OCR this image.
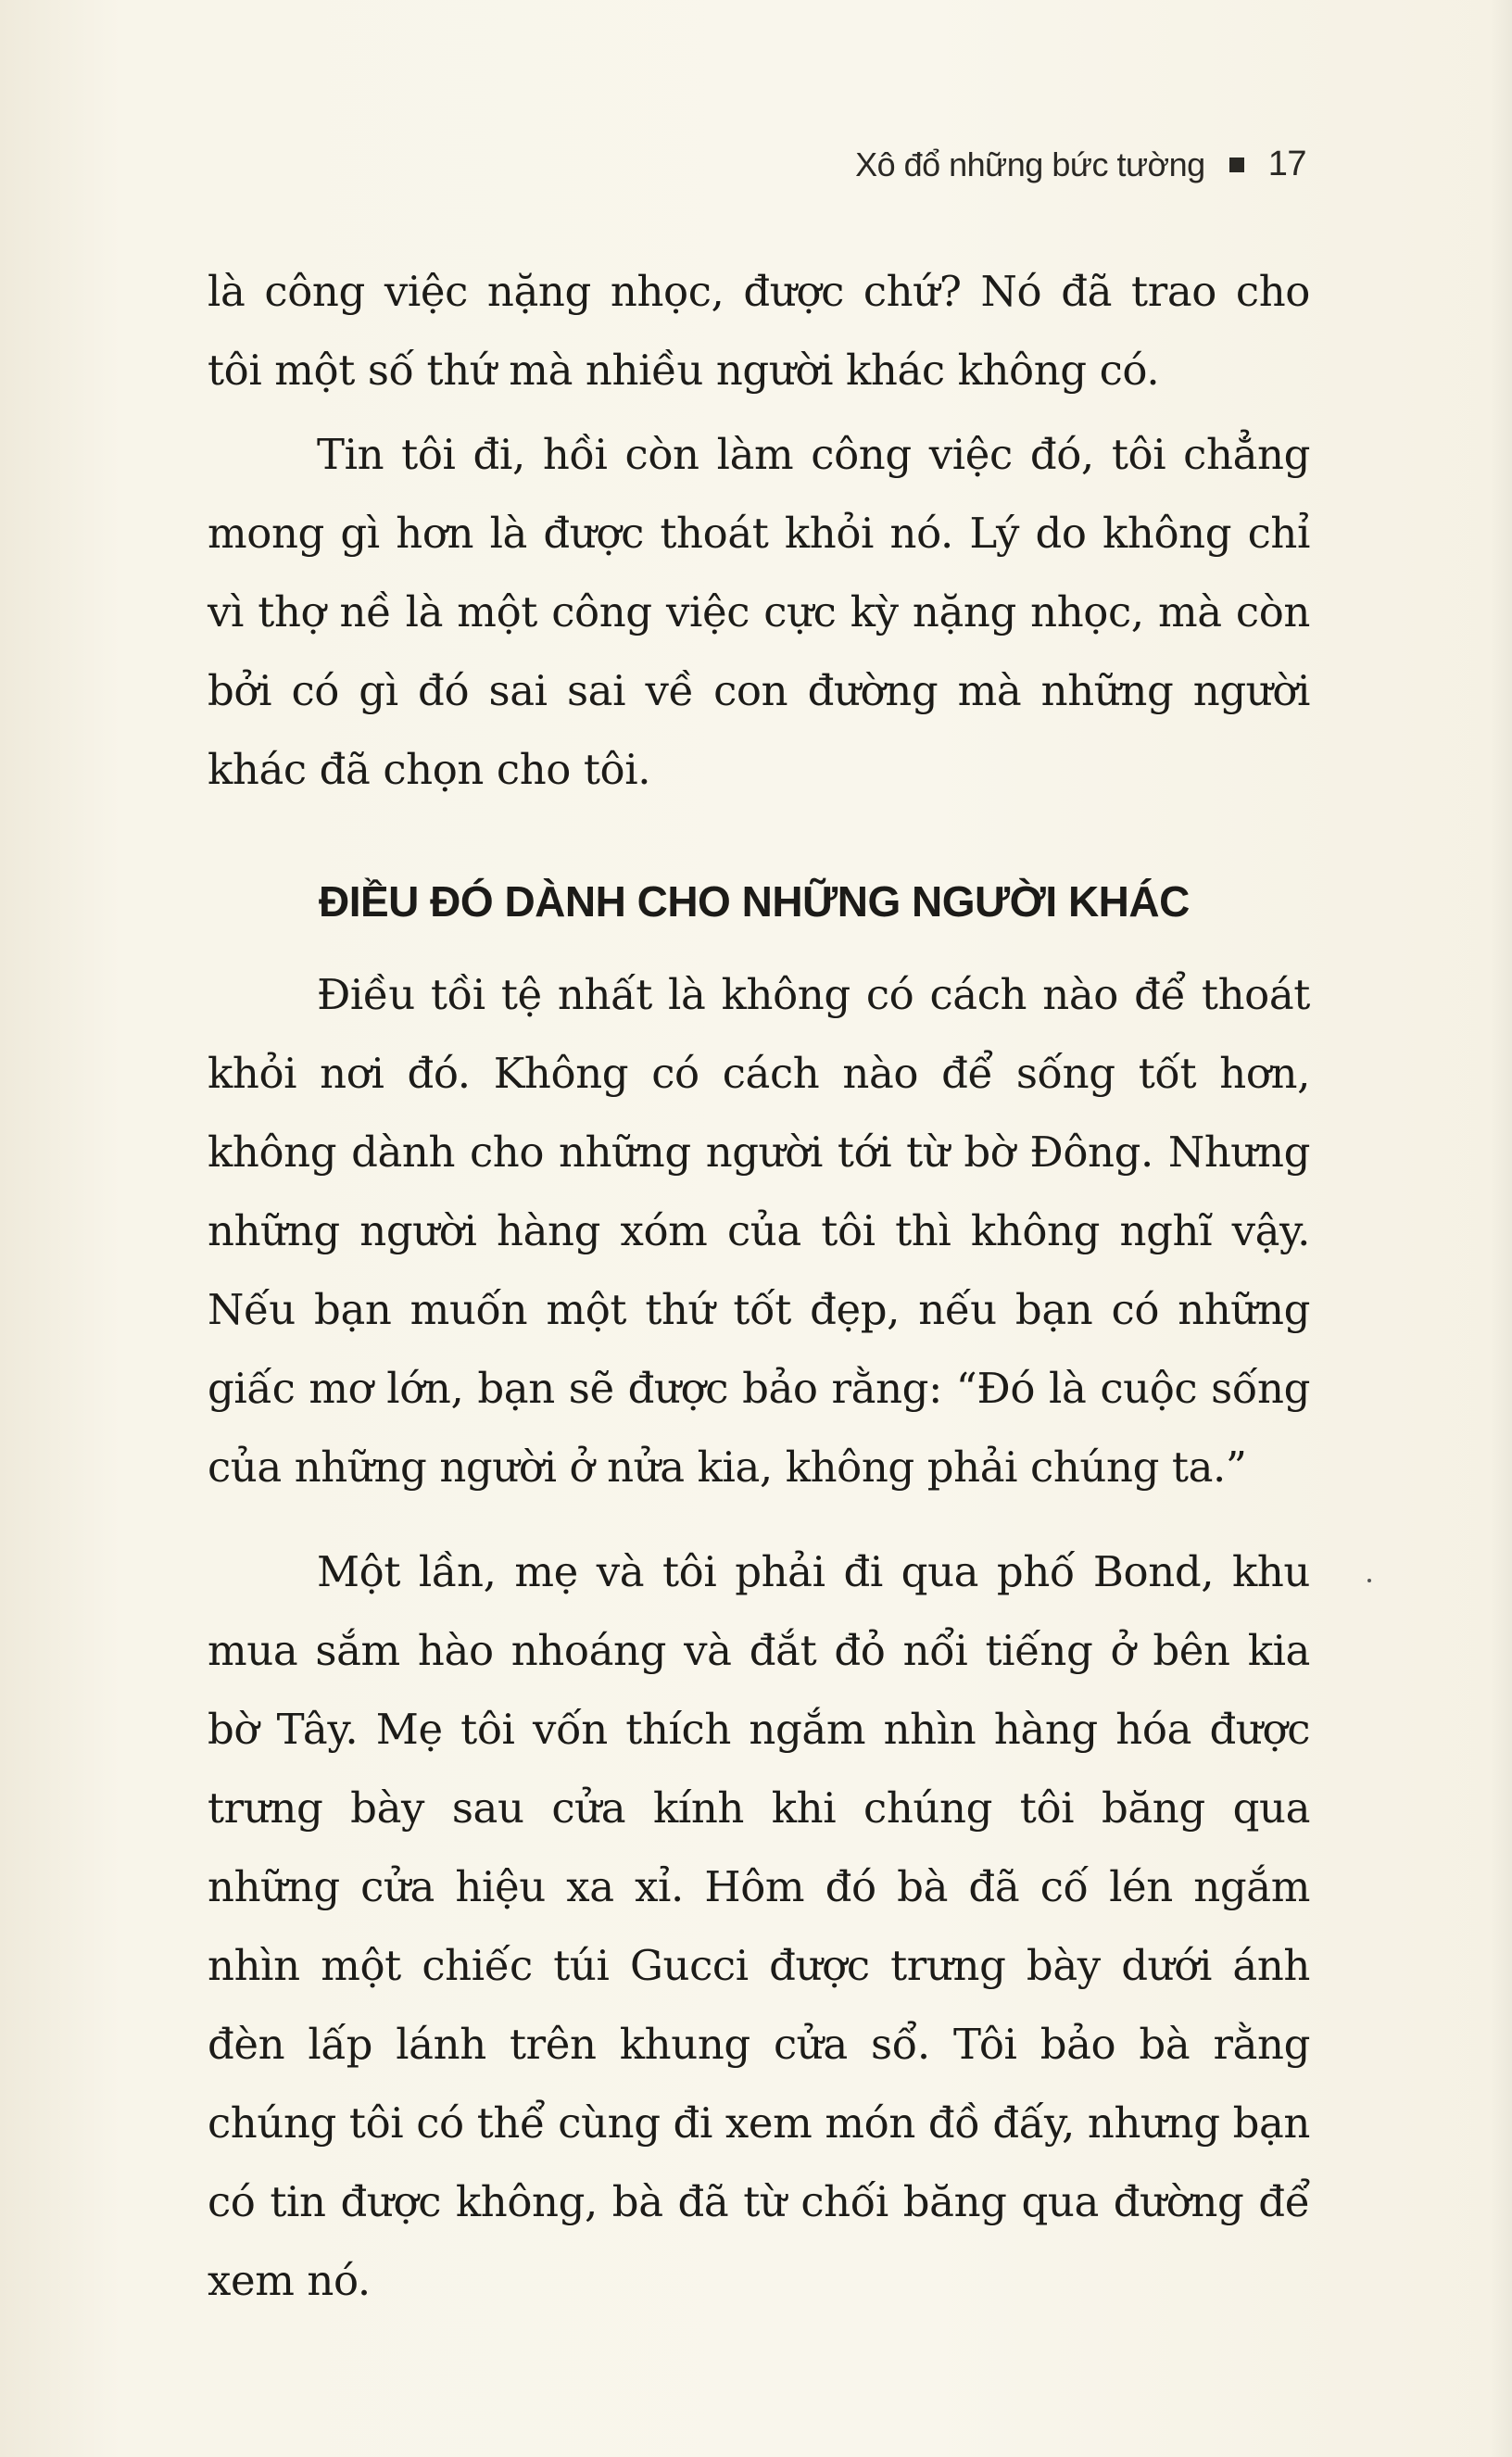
Xô đổ những bức tường 17

là công việc nặng nhọc, được chứ? Nó đã trao cho tôi một số thứ mà nhiều người khác không có.

Tin tôi đi, hồi còn làm công việc đó, tôi chẳng mong gì hơn là được thoát khỏi nó. Lý do không chỉ vì thợ nề là một công việc cực kỳ nặng nhọc, mà còn bởi có gì đó sai sai về con đường mà những người khác đã chọn cho tôi.

ĐIỀU ĐÓ DÀNH CHO NHỮNG NGƯỜI KHÁC

Điều tồi tệ nhất là không có cách nào để thoát khỏi nơi đó. Không có cách nào để sống tốt hơn, không dành cho những người tới từ bờ Đông. Nhưng những người hàng xóm của tôi thì không nghĩ vậy. Nếu bạn muốn một thứ tốt đẹp, nếu bạn có những giấc mơ lớn, bạn sẽ được bảo rằng: “Đó là cuộc sống của những người ở nửa kia, không phải chúng ta.”

Một lần, mẹ và tôi phải đi qua phố Bond, khu mua sắm hào nhoáng và đắt đỏ nổi tiếng ở bên kia bờ Tây. Mẹ tôi vốn thích ngắm nhìn hàng hóa được trưng bày sau cửa kính khi chúng tôi băng qua những cửa hiệu xa xỉ. Hôm đó bà đã cố lén ngắm nhìn một chiếc túi Gucci được trưng bày dưới ánh đèn lấp lánh trên khung cửa sổ. Tôi bảo bà rằng chúng tôi có thể cùng đi xem món đồ đấy, nhưng bạn có tin được không, bà đã từ chối băng qua đường để xem nó.
